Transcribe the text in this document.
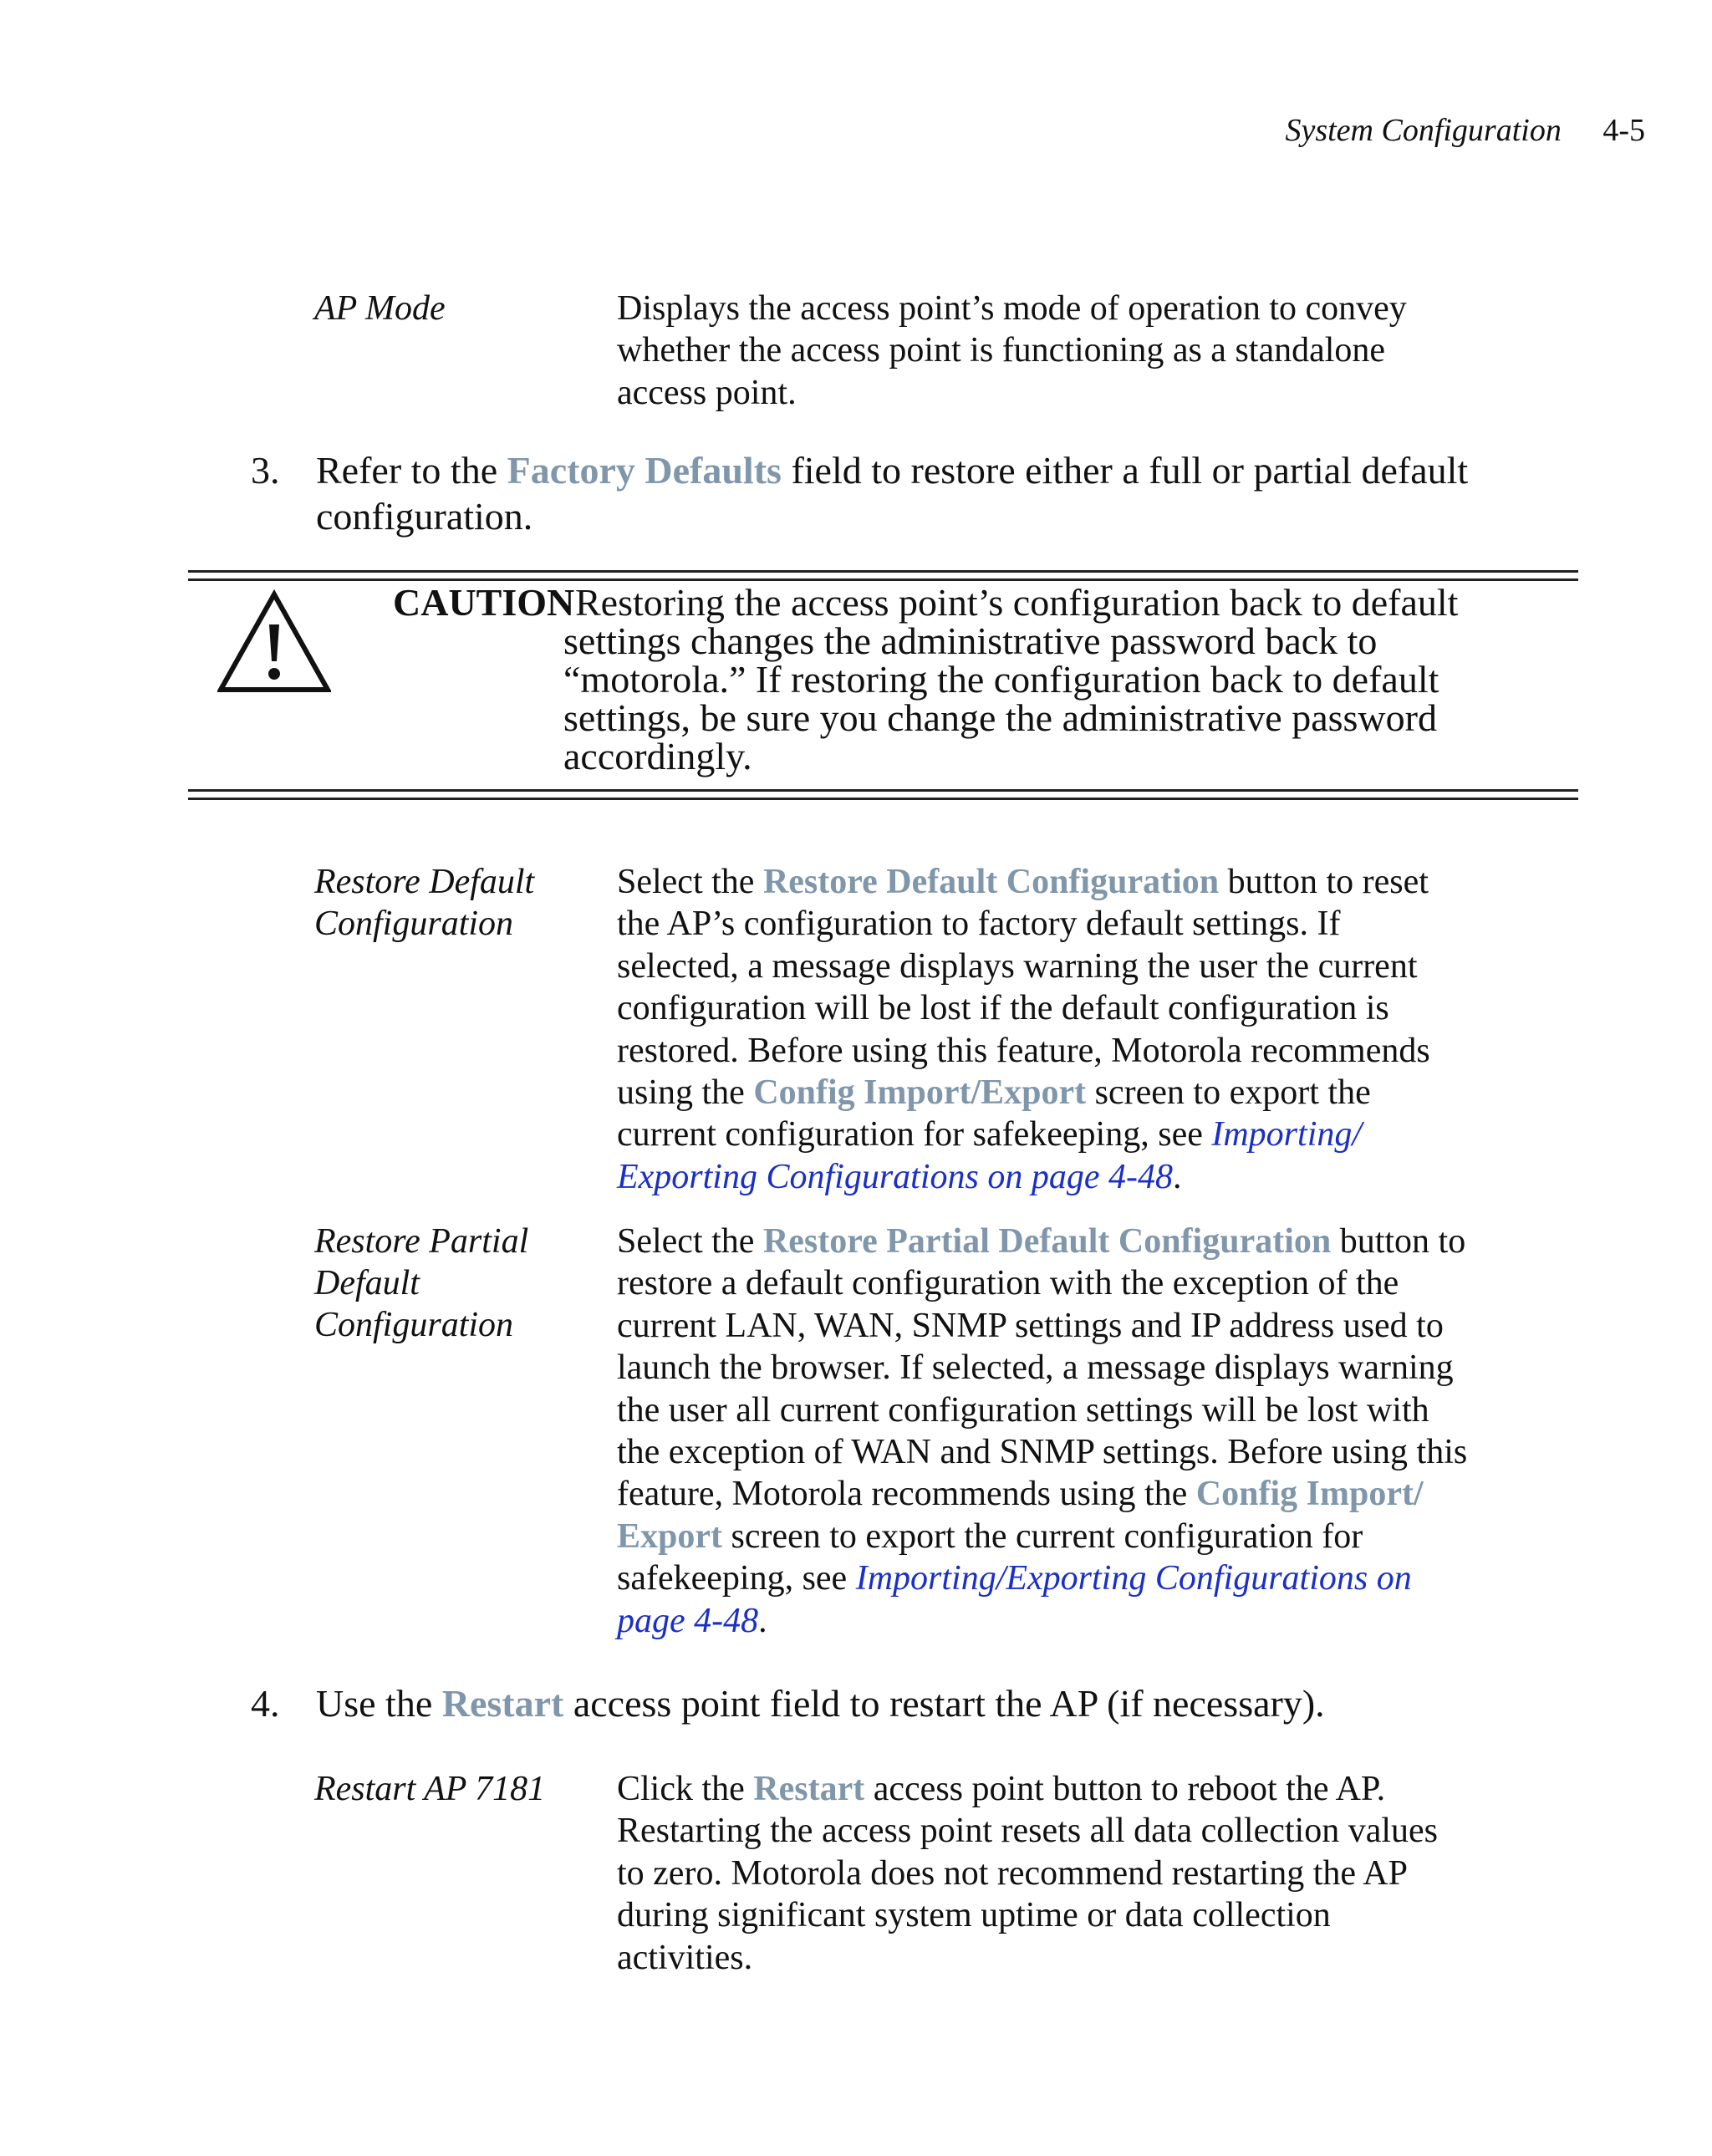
System Configuration 4-5
AP Mode	Displays the access point’s mode of operation to convey whether the access point is functioning as a standalone access point.
3. Refer to the Factory Defaults field to restore either a full or partial default configuration.
CAUTION Restoring the access point’s configuration back to default settings changes the administrative password back to “motorola.” If restoring the configuration back to default settings, be sure you change the administrative password accordingly.
Restore Default
Configuration
Select the Restore Default Configuration button to reset the AP’s configuration to factory default settings. If selected, a message displays warning the user the current configuration will be lost if the default configuration is restored. Before using this feature, Motorola recommends using the Config Import/Export screen to export the current configuration for safekeeping, see Importing/ Exporting Configurations on page 4-48.
Restore Partial
Default
Configuration
Select the Restore Partial Default Configuration button to restore a default configuration with the exception of the current LAN, WAN, SNMP settings and IP address used to launch the browser. If selected, a message displays warning the user all current configuration settings will be lost with the exception of WAN and SNMP settings. Before using this feature, Motorola recommends using the Config Import/ Export screen to export the current configuration for safekeeping, see Importing/Exporting Configurations on page 4-48.
4. Use the Restart access point field to restart the AP (if necessary).
Restart AP 7181	Click the Restart access point button to reboot the AP. Restarting the access point resets all data collection values to zero. Motorola does not recommend restarting the AP during significant system uptime or data collection activities.
